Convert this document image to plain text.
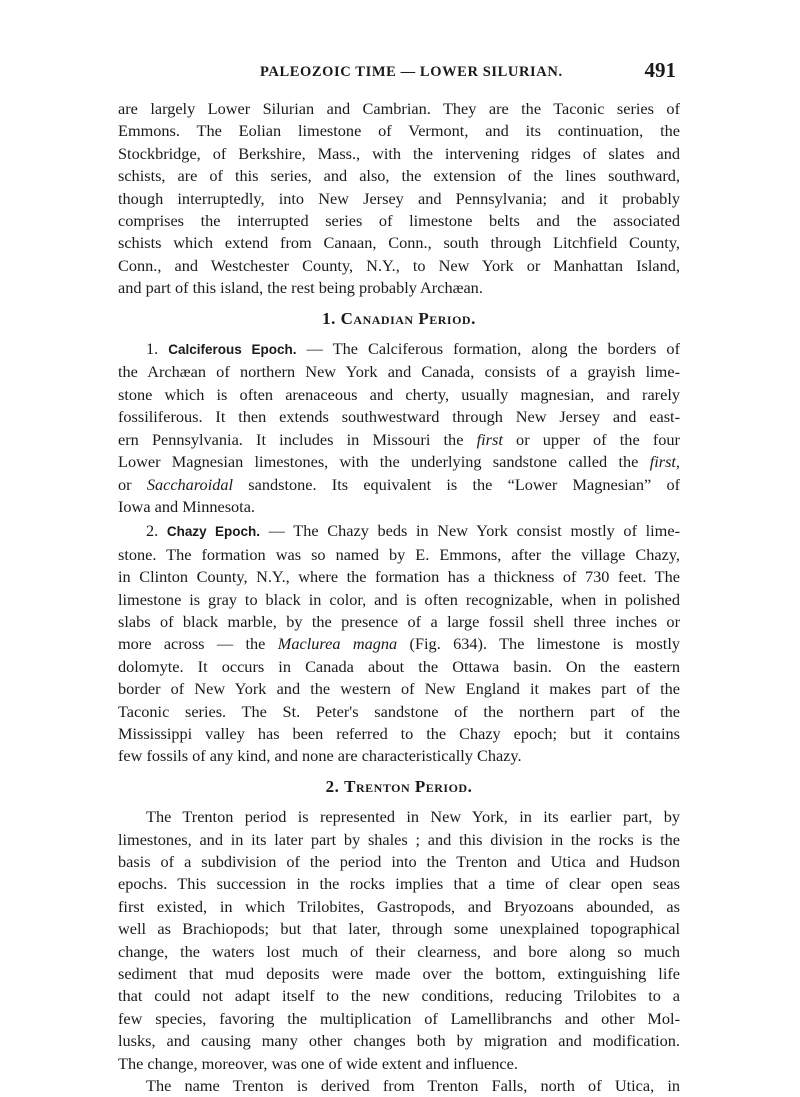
PALEOZOIC TIME — LOWER SILURIAN.	491

are largely Lower Silurian and Cambrian. They are the Taconic series of
Emmons. The Eolian limestone of Vermont, and its continuation, the
Stockbridge, of Berkshire, Mass., with the intervening ridges of slates and
schists, are of this series, and also, the extension of the lines southward,
though interruptedly, into New Jersey and Pennsylvania; and it probably
comprises the interrupted series of limestone belts and the associated
schists which extend from Canaan, Conn., south through Litchfield County,
Conn., and Westchester County, N.Y., to New York or Manhattan Island,
and part of this island, the rest being probably Archæan.

1. Canadian Period.

1. Calciferous Epoch. — The Calciferous formation, along the borders of
the Archæan of northern New York and Canada, consists of a grayish lime-
stone which is often arenaceous and cherty, usually magnesian, and rarely
fossiliferous. It then extends southwestward through New Jersey and east-
ern Pennsylvania. It includes in Missouri the first or upper of the four
Lower Magnesian limestones, with the underlying sandstone called the first,
or Saccharoidal sandstone. Its equivalent is the “Lower Magnesian” of
Iowa and Minnesota.

2. Chazy Epoch. — The Chazy beds in New York consist mostly of lime-
stone. The formation was so named by E. Emmons, after the village Chazy,
in Clinton County, N.Y., where the formation has a thickness of 730 feet. The
limestone is gray to black in color, and is often recognizable, when in polished
slabs of black marble, by the presence of a large fossil shell three inches or
more across — the Maclurea magna (Fig. 634). The limestone is mostly
dolomyte. It occurs in Canada about the Ottawa basin. On the eastern
border of New York and the western of New England it makes part of the
Taconic series. The St. Peter's sandstone of the northern part of the
Mississippi valley has been referred to the Chazy epoch; but it contains
few fossils of any kind, and none are characteristically Chazy.

2. Trenton Period.

The Trenton period is represented in New York, in its earlier part, by
limestones, and in its later part by shales ; and this division in the rocks is the
basis of a subdivision of the period into the Trenton and Utica and Hudson
epochs. This succession in the rocks implies that a time of clear open seas
first existed, in which Trilobites, Gastropods, and Bryozoans abounded, as
well as Brachiopods; but that later, through some unexplained topographical
change, the waters lost much of their clearness, and bore along so much
sediment that mud deposits were made over the bottom, extinguishing life
that could not adapt itself to the new conditions, reducing Trilobites to a
few species, favoring the multiplication of Lamellibranchs and other Mol-
lusks, and causing many other changes both by migration and modification.
The change, moreover, was one of wide extent and influence.

The name Trenton is derived from Trenton Falls, north of Utica, in
